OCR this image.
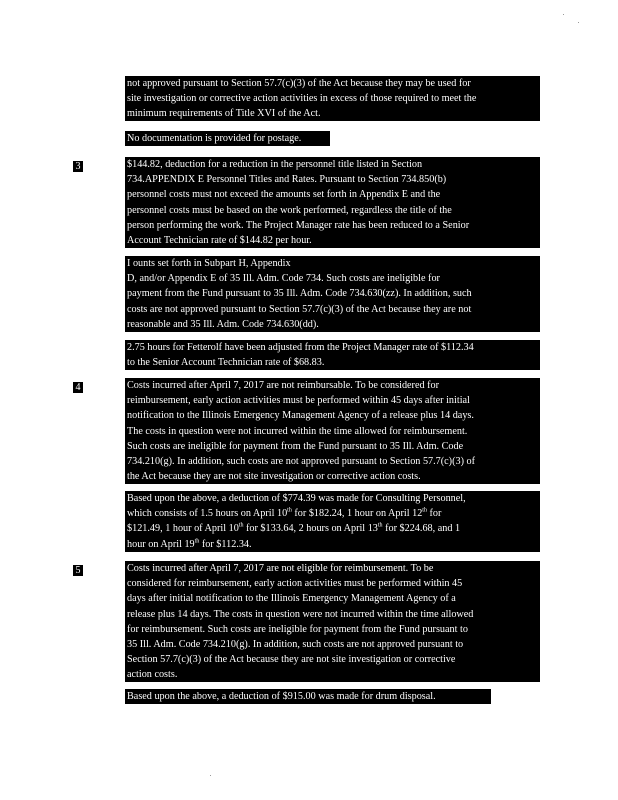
not approved pursuant to Section 57.7(c)(3) of the Act because they may be used for
site investigation or corrective action activities in excess of those required to meet the
minimum requirements of Title XVI of the Act.
No documentation is provided for postage.
3	$144.82, deduction for a reduction in the personnel title listed in Section
734.APPENDIX E Personnel Titles and Rates. Pursuant to Section 734.850(b)
personnel costs must not exceed the amounts set forth in Appendix E and the
personnel costs must be based on the work performed, regardless the title of the
person performing the work. The Project Manager rate has been reduced to a Senior
Account Technician rate of $144.82 per hour.
I ounts set forth in Subpart H, Appendix
D, and/or Appendix E of 35 Ill. Adm. Code 734. Such costs are ineligible for
payment from the Fund pursuant to 35 Ill. Adm. Code 734.630(zz). In addition, such
costs are not approved pursuant to Section 57.7(c)(3) of the Act because they are not
reasonable and 35 Ill. Adm. Code 734.630(dd).
2.75 hours for Fetterolf have been adjusted from the Project Manager rate of $112.34
to the Senior Account Technician rate of $68.83.
4	Costs incurred after April 7, 2017 are not reimbursable. To be considered for
reimbursement, early action activities must be performed within 45 days after initial
notification to the Illinois Emergency Management Agency of a release plus 14 days.
The costs in question were not incurred within the time allowed for reimbursement.
Such costs are ineligible for payment from the Fund pursuant to 35 Ill. Adm. Code
734.210(g). In addition, such costs are not approved pursuant to Section 57.7(c)(3) of
the Act because they are not site investigation or corrective action costs.
Based upon the above, a deduction of $774.39 was made for Consulting Personnel,
which consists of 1.5 hours on April 10th for $182.24, 1 hour on April 12th for
$121.49, 1 hour of April 10th for $133.64, 2 hours on April 13th for $224.68, and 1
hour on April 19th for $112.34.
5	Costs incurred after April 7, 2017 are not eligible for reimbursement. To be
considered for reimbursement, early action activities must be performed within 45
days after initial notification to the Illinois Emergency Management Agency of a
release plus 14 days. The costs in question were not incurred within the time allowed
for reimbursement. Such costs are ineligible for payment from the Fund pursuant to
35 Ill. Adm. Code 734.210(g). In addition, such costs are not approved pursuant to
Section 57.7(c)(3) of the Act because they are not site investigation or corrective
action costs.
Based upon the above, a deduction of $915.00 was made for drum disposal.
